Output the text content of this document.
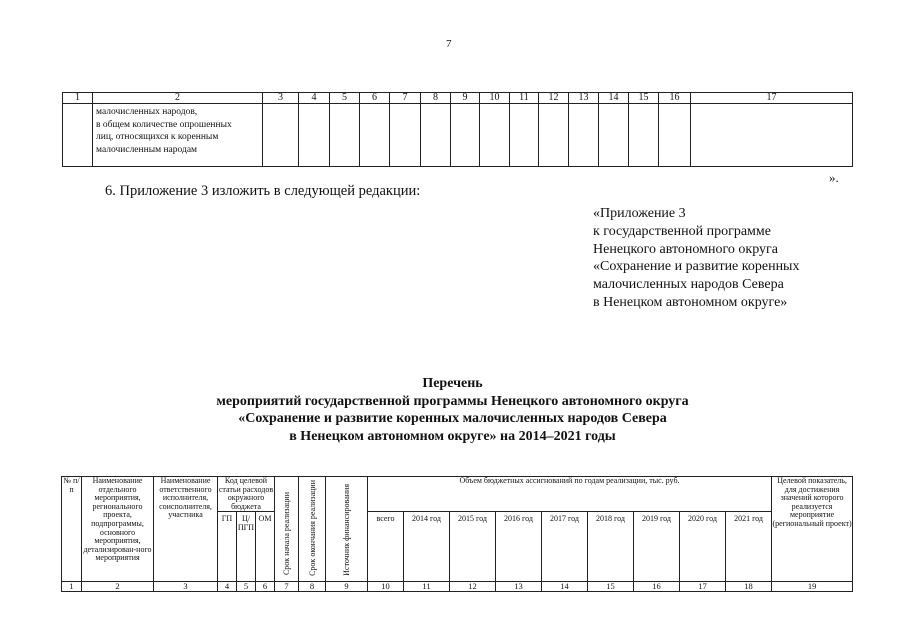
7
1	2	3	4	5	6	7	8	9	10	11	12	13	14	15	16	17

	малочисленных народов,
в общем количестве опрошенных
лиц, относящихся к коренным
малочисленным народам															

».
6. Приложение 3 изложить в следующей редакции:
«Приложение 3
к государственной программе
Ненецкого автономного округа
«Сохранение и развитие коренных
малочисленных народов Севера
в Ненецком автономном округе»
Перечень
мероприятий государственной программы Ненецкого автономного округа
«Сохранение и развитие коренных малочисленных народов Севера
в Ненецком автономном округе» на 2014–2021 годы
№ п/п	Наименование отдельного мероприятия, регионального проекта, подпрограммы, основного мероприятия, детализирован-ного мероприятия	Наименование ответственного исполнителя, соисполнителя, участника	Код целевой статьи расходов окружного бюджета			Срок начала реализации	Срок окончания реализации	Источник финансирования	Объем бюджетных ассигнований по годам реализации, тыс. руб.									Целевой показатель, для достижения значений которого реализуется мероприятие (региональный проект)
			ГП	Ц/ПГП	ОМ				всего	2014 год	2015 год	2016 год	2017 год	2018 год	2019 год	2020 год	2021 год	

1	2	3	4	5	6	7	8	9	10	11	12	13	14	15	16	17	18	19
